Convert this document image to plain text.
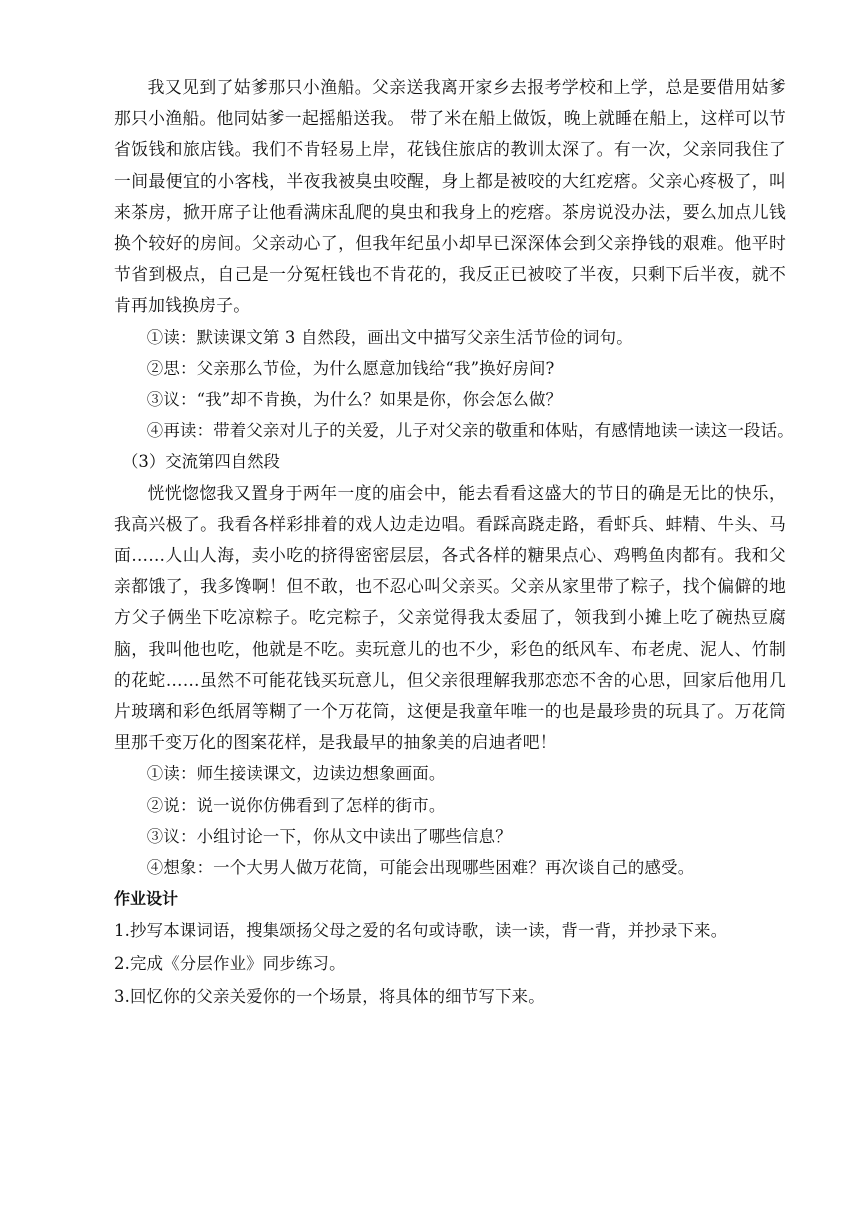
我又见到了姑爹那只小渔船。父亲送我离开家乡去报考学校和上学，总是要借用姑爹那只小渔船。他同姑爹一起摇船送我。 带了米在船上做饭，晚上就睡在船上，这样可以节省饭钱和旅店钱。我们不肯轻易上岸，花钱住旅店的教训太深了。有一次，父亲同我住了一间最便宜的小客栈，半夜我被臭虫咬醒，身上都是被咬的大红疙瘩。父亲心疼极了，叫来茶房，掀开席子让他看满床乱爬的臭虫和我身上的疙瘩。茶房说没办法，要么加点儿钱换个较好的房间。父亲动心了，但我年纪虽小却早已深深体会到父亲挣钱的艰难。他平时节省到极点，自己是一分冤枉钱也不肯花的，我反正已被咬了半夜，只剩下后半夜，就不肯再加钱换房子。

①读：默读课文第 3 自然段，画出文中描写父亲生活节俭的词句。

②思：父亲那么节俭，为什么愿意加钱给“我”换好房间?

③议：“我”却不肯换，为什么？如果是你，你会怎么做？

④再读：带着父亲对儿子的关爱，儿子对父亲的敬重和体贴，有感情地读一读这一段话。

（3）交流第四自然段

恍恍惚惚我又置身于两年一度的庙会中，能去看看这盛大的节日的确是无比的快乐，我高兴极了。我看各样彩排着的戏人边走边唱。看踩高跷走路，看虾兵、蚌精、牛头、马面……人山人海，卖小吃的挤得密密层层，各式各样的糖果点心、鸡鸭鱼肉都有。我和父亲都饿了，我多馋啊！但不敢，也不忍心叫父亲买。父亲从家里带了粽子，找个偏僻的地方父子俩坐下吃凉粽子。吃完粽子，父亲觉得我太委屈了，领我到小摊上吃了碗热豆腐脑，我叫他也吃，他就是不吃。卖玩意儿的也不少，彩色的纸风车、布老虎、泥人、竹制的花蛇……虽然不可能花钱买玩意儿，但父亲很理解我那恋恋不舍的心思，回家后他用几片玻璃和彩色纸屑等糊了一个万花筒，这便是我童年唯一的也是最珍贵的玩具了。万花筒里那千变万化的图案花样，是我最早的抽象美的启迪者吧！

①读：师生接读课文，边读边想象画面。

②说：说一说你仿佛看到了怎样的街市。

③议：小组讨论一下，你从文中读出了哪些信息？

④想象：一个大男人做万花筒，可能会出现哪些困难？再次谈自己的感受。

作业设计

1.抄写本课词语，搜集颂扬父母之爱的名句或诗歌，读一读，背一背，并抄录下来。

2.完成《分层作业》同步练习。

3.回忆你的父亲关爱你的一个场景，将具体的细节写下来。
